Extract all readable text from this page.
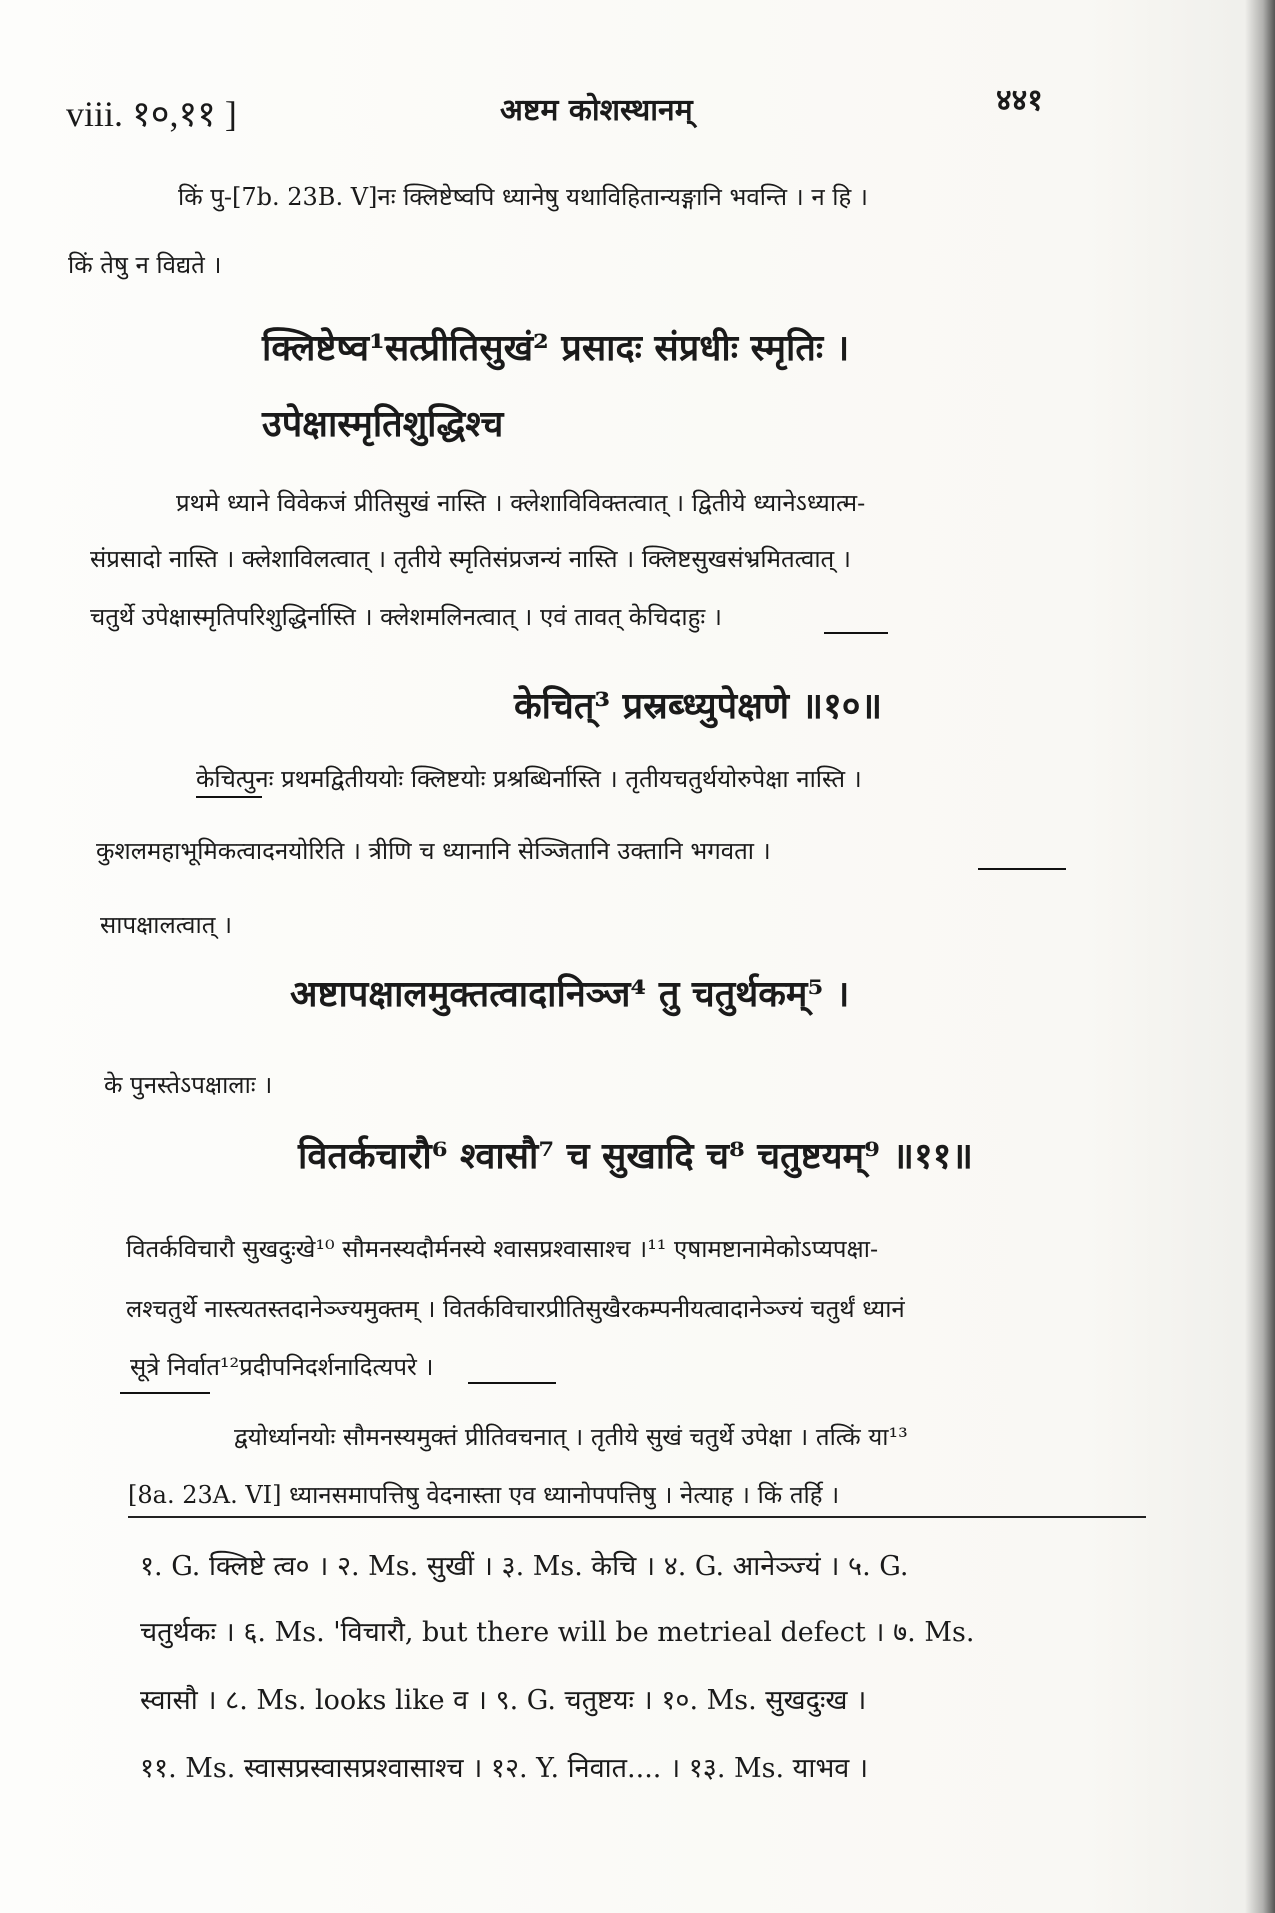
viii. १०,११ ]	अष्टम कोशस्थानम्	४४१
किं पु-[7b. 23B. V]नः क्लिष्टेष्वपि ध्यानेषु यथाविहितान्यङ्गानि भवन्ति । न हि ।
किं तेषु न विद्यते ।
क्लिष्टेष्व¹सत्प्रीतिसुखं² प्रसादः संप्रधीः स्मृतिः ।
उपेक्षास्मृतिशुद्धिश्च
प्रथमे ध्याने विवेकजं प्रीतिसुखं नास्ति । क्लेशाविविक्तत्वात् । द्वितीये ध्यानेऽध्यात्म-
संप्रसादो नास्ति । क्लेशाविलत्वात् । तृतीये स्मृतिसंप्रजन्यं नास्ति । क्लिष्टसुखसंभ्रमितत्वात् ।
चतुर्थे उपेक्षास्मृतिपरिशुद्धिर्नास्ति । क्लेशमलिनत्वात् । एवं तावत् केचिदाहुः ।
केचित्³ प्रस्रब्ध्युपेक्षणे ॥१०॥
केचित्पुनः प्रथमद्वितीययोः क्लिष्टयोः प्रश्रब्धिर्नास्ति । तृतीयचतुर्थयोरुपेक्षा नास्ति ।
कुशलमहाभूमिकत्वादनयोरिति । त्रीणि च ध्यानानि सेञ्जितानि उक्तानि भगवता ।
सापक्षालत्वात् ।
अष्टापक्षालमुक्तत्वादानिञ्ज⁴ तु चतुर्थकम्⁵ ।
के पुनस्तेऽपक्षालाः ।
वितर्कचारौ⁶ श्वासौ⁷ च सुखादि च⁸ चतुष्टयम्⁹ ॥११॥
वितर्कविचारौ सुखदुःखे¹⁰ सौमनस्यदौर्मनस्ये श्वासप्रश्वासाश्च ।¹¹ एषामष्टानामेकोऽप्यपक्षा-
लश्चतुर्थे नास्त्यतस्तदानेञ्ज्यमुक्तम् । वितर्कविचारप्रीतिसुखैरकम्पनीयत्वादानेञ्ज्यं चतुर्थं ध्यानं
सूत्रे निर्वात¹²प्रदीपनिदर्शनादित्यपरे ।
द्वयोर्ध्यानयोः सौमनस्यमुक्तं प्रीतिवचनात् । तृतीये सुखं चतुर्थे उपेक्षा । तत्किं या¹³
[8a. 23A. VI] ध्यानसमापत्तिषु वेदनास्ता एव ध्यानोपपत्तिषु । नेत्याह । किं तर्हि ।
१. G. क्लिष्टे त्व० । २. Ms. सुखीं । ३. Ms. केचि । ४. G. आनेञ्ज्यं । ५. G.
चतुर्थकः । ६. Ms. 'विचारौ, but there will be metrieal defect । ७. Ms.
स्वासौ । ८. Ms. looks like व । ९. G. चतुष्टयः । १०. Ms. सुखदुःख ।
११. Ms. स्वासप्रस्वासप्रश्वासाश्च । १२. Y. निवात.... । १३. Ms. याभव ।
